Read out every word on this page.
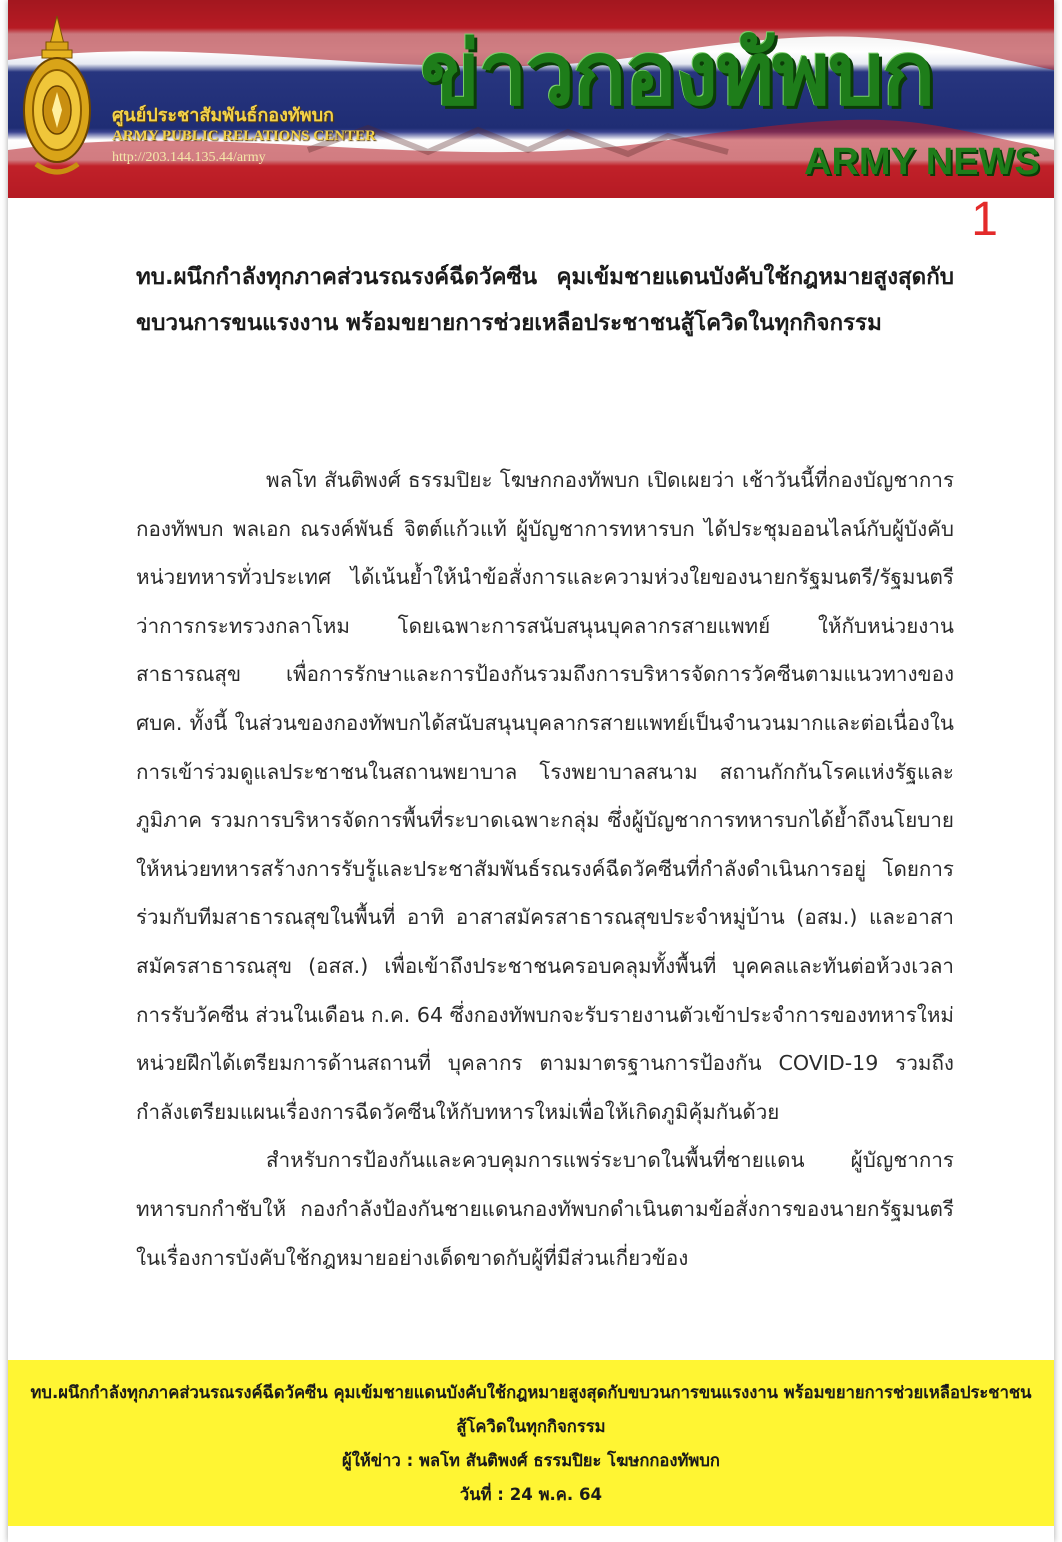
ศูนย์ประชาสัมพันธ์กองทัพบก
ARMY PUBLIC RELATIONS CENTER
http://203.144.135.44/army
ข่าวกองทัพบก
ARMY NEWS
1
ทบ.ผนึกกำลังทุกภาคส่วนรณรงค์ฉีดวัคซีน คุมเข้มชายแดนบังคับใช้กฎหมายสูงสุดกับขบวนการขนแรงงาน พร้อมขยายการช่วยเหลือประชาชนสู้โควิดในทุกกิจกรรม

พลโท สันติพงศ์ ธรรมปิยะ โฆษกกองทัพบก เปิดเผยว่า เช้าวันนี้ที่กองบัญชาการกองทัพบก พลเอก ณรงค์พันธ์ จิตต์แก้วแท้ ผู้บัญชาการทหารบก ได้ประชุมออนไลน์กับผู้บังคับหน่วยทหารทั่วประเทศ ได้เน้นย้ำให้นำข้อสั่งการและความห่วงใยของนายกรัฐมนตรี/รัฐมนตรีว่าการกระทรวงกลาโหม โดยเฉพาะการสนับสนุนบุคลากรสายแพทย์ ให้กับหน่วยงานสาธารณสุข เพื่อการรักษาและการป้องกันรวมถึงการบริหารจัดการวัคซีนตามแนวทางของ ศบค. ทั้งนี้ ในส่วนของกองทัพบกได้สนับสนุนบุคลากรสายแพทย์เป็นจำนวนมากและต่อเนื่องในการเข้าร่วมดูแลประชาชนในสถานพยาบาล โรงพยาบาลสนาม สถานกักกันโรคแห่งรัฐและภูมิภาค รวมการบริหารจัดการพื้นที่ระบาดเฉพาะกลุ่ม ซึ่งผู้บัญชาการทหารบกได้ย้ำถึงนโยบายให้หน่วยทหารสร้างการรับรู้และประชาสัมพันธ์รณรงค์ฉีดวัคซีนที่กำลังดำเนินการอยู่ โดยการร่วมกับทีมสาธารณสุขในพื้นที่ อาทิ อาสาสมัครสาธารณสุขประจำหมู่บ้าน (อสม.) และอาสาสมัครสาธารณสุข (อสส.) เพื่อเข้าถึงประชาชนครอบคลุมทั้งพื้นที่ บุคคลและทันต่อห้วงเวลาการรับวัคซีน ส่วนในเดือน ก.ค. 64 ซึ่งกองทัพบกจะรับรายงานตัวเข้าประจำการของทหารใหม่ หน่วยฝึกได้เตรียมการด้านสถานที่ บุคลากร ตามมาตรฐานการป้องกัน COVID-19 รวมถึงกำลังเตรียมแผนเรื่องการฉีดวัคซีนให้กับทหารใหม่เพื่อให้เกิดภูมิคุ้มกันด้วย

สำหรับการป้องกันและควบคุมการแพร่ระบาดในพื้นที่ชายแดน ผู้บัญชาการทหารบกกำชับให้ กองกำลังป้องกันชายแดนกองทัพบกดำเนินตามข้อสั่งการของนายกรัฐมนตรีในเรื่องการบังคับใช้กฎหมายอย่างเด็ดขาดกับผู้ที่มีส่วนเกี่ยวข้อง

ทบ.ผนึกกำลังทุกภาคส่วนรณรงค์ฉีดวัคซีน คุมเข้มชายแดนบังคับใช้กฎหมายสูงสุดกับขบวนการขนแรงงาน พร้อมขยายการช่วยเหลือประชาชนสู้โควิดในทุกกิจกรรม
ผู้ให้ข่าว : พลโท สันติพงศ์ ธรรมปิยะ โฆษกกองทัพบก
วันที่ : 24 พ.ค. 64
